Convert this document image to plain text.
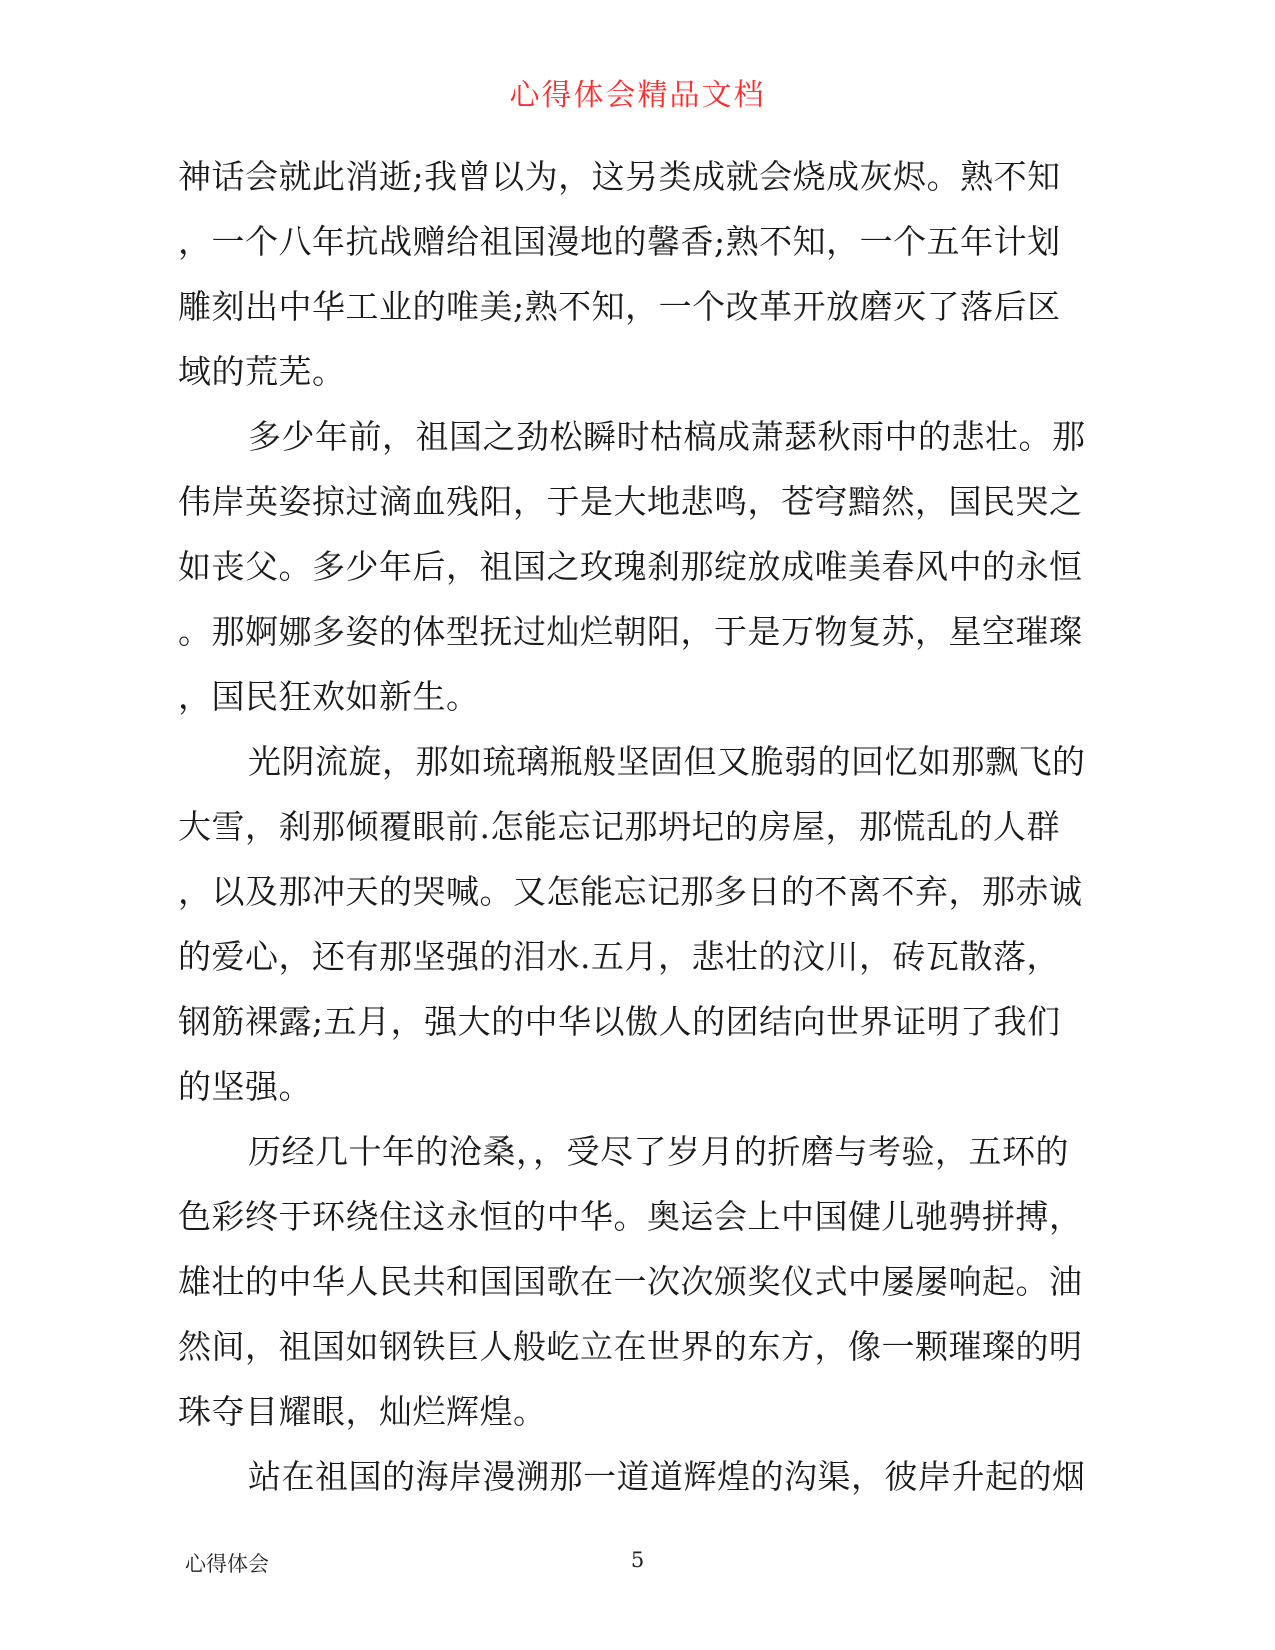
心得体会精品文档
神话会就此消逝;我曾以为，这另类成就会烧成灰烬。熟不知
，一个八年抗战赠给祖国漫地的馨香;熟不知，一个五年计划
雕刻出中华工业的唯美;熟不知，一个改革开放磨灭了落后区
域的荒芜。
多少年前，祖国之劲松瞬时枯槁成萧瑟秋雨中的悲壮。那
伟岸英姿掠过滴血残阳，于是大地悲鸣，苍穹黯然，国民哭之
如丧父。多少年后，祖国之玫瑰刹那绽放成唯美春风中的永恒
。那婀娜多姿的体型抚过灿烂朝阳，于是万物复苏，星空璀璨
，国民狂欢如新生。
光阴流旋，那如琉璃瓶般坚固但又脆弱的回忆如那飘飞的
大雪，刹那倾覆眼前.怎能忘记那坍圮的房屋，那慌乱的人群
，以及那冲天的哭喊。又怎能忘记那多日的不离不弃，那赤诚
的爱心，还有那坚强的泪水.五月，悲壮的汶川，砖瓦散落，
钢筋裸露;五月，强大的中华以傲人的团结向世界证明了我们
的坚强。
历经几十年的沧桑，，受尽了岁月的折磨与考验，五环的
色彩终于环绕住这永恒的中华。奥运会上中国健儿驰骋拼搏，
雄壮的中华人民共和国国歌在一次次颁奖仪式中屡屡响起。油
然间，祖国如钢铁巨人般屹立在世界的东方，像一颗璀璨的明
珠夺目耀眼，灿烂辉煌。
站在祖国的海岸漫溯那一道道辉煌的沟渠，彼岸升起的烟
心得体会	5
